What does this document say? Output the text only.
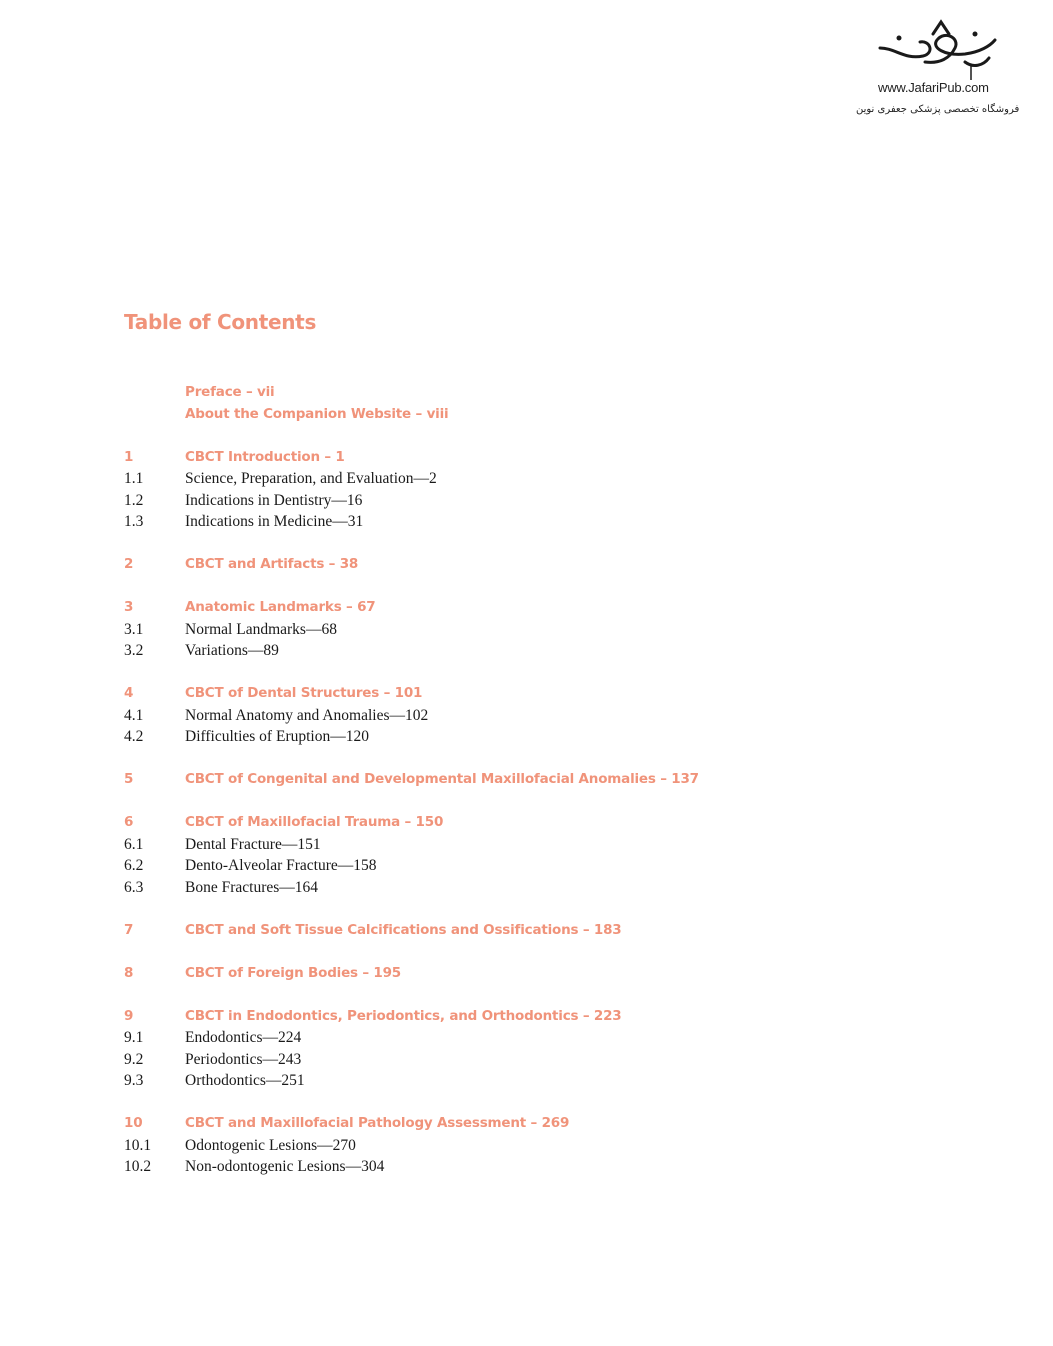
www.JafariPub.com
فروشگاه تخصصی پزشکی جعفری نوین
Table of Contents
Preface – vii
About the Companion Website – viii
1	CBCT Introduction – 1
1.1	Science, Preparation, and Evaluation—2
1.2	Indications in Dentistry—16
1.3	Indications in Medicine—31
2	CBCT and Artifacts – 38
3	Anatomic Landmarks – 67
3.1	Normal Landmarks—68
3.2	Variations—89
4	CBCT of Dental Structures – 101
4.1	Normal Anatomy and Anomalies—102
4.2	Difficulties of Eruption—120
5	CBCT of Congenital and Developmental Maxillofacial Anomalies – 137
6	CBCT of Maxillofacial Trauma – 150
6.1	Dental Fracture—151
6.2	Dento-Alveolar Fracture—158
6.3	Bone Fractures—164
7	CBCT and Soft Tissue Calcifications and Ossifications – 183
8	CBCT of Foreign Bodies – 195
9	CBCT in Endodontics, Periodontics, and Orthodontics – 223
9.1	Endodontics—224
9.2	Periodontics—243
9.3	Orthodontics—251
10	CBCT and Maxillofacial Pathology Assessment – 269
10.1 Odontogenic Lesions—270
10.2 Non-odontogenic Lesions—304
